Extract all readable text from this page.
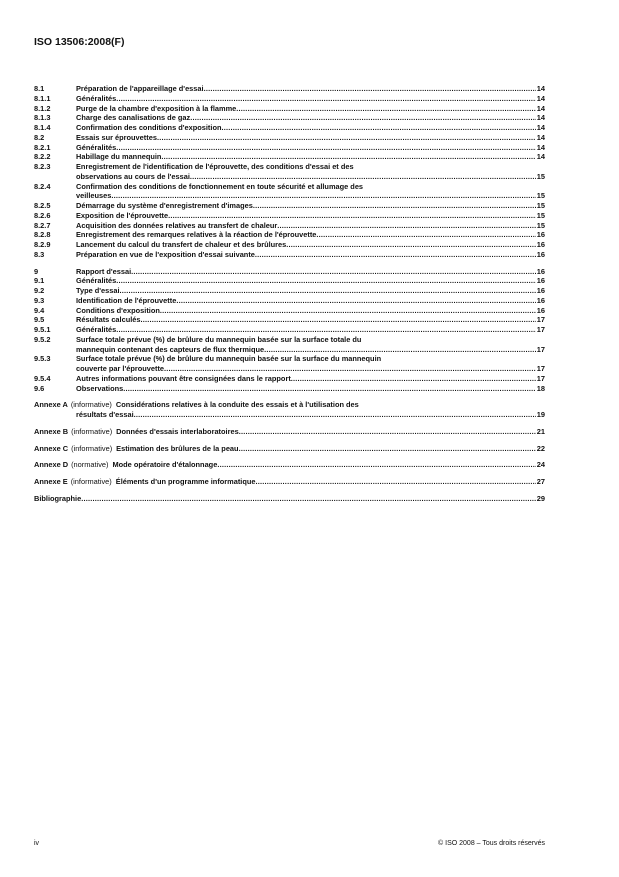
ISO 13506:2008(F)
8.1	Préparation de l'appareillage d'essai .....	14
8.1.1	Généralités .....	14
8.1.2	Purge de la chambre d'exposition à la flamme .....	14
8.1.3	Charge des canalisations de gaz .....	14
8.1.4	Confirmation des conditions d'exposition .....	14
8.2	Essais sur éprouvettes .....	14
8.2.1	Généralités .....	14
8.2.2	Habillage du mannequin .....	14
8.2.3	Enregistrement de l'identification de l'éprouvette, des conditions d'essai et des
observations au cours de l'essai .....	15
8.2.4	Confirmation des conditions de fonctionnement en toute sécurité et allumage des
veilleuses .....	15
8.2.5	Démarrage du système d'enregistrement d'images .....	15
8.2.6	Exposition de l'éprouvette .....	15
8.2.7	Acquisition des données relatives au transfert de chaleur .....	15
8.2.8	Enregistrement des remarques relatives à la réaction de l'éprouvette .....	16
8.2.9	Lancement du calcul du transfert de chaleur et des brûlures .....	16
8.3	Préparation en vue de l'exposition d'essai suivante .....	16
9	Rapport d'essai .....	16
9.1	Généralités .....	16
9.2	Type d'essai .....	16
9.3	Identification de l'éprouvette .....	16
9.4	Conditions d'exposition .....	16
9.5	Résultats calculés .....	17
9.5.1	Généralités .....	17
9.5.2	Surface totale prévue (%) de brûlure du mannequin basée sur la surface totale du
mannequin contenant des capteurs de flux thermique .....	17
9.5.3	Surface totale prévue (%) de brûlure du mannequin basée sur la surface du mannequin
couverte par l'éprouvette .....	17
9.5.4	Autres informations pouvant être consignées dans le rapport .....	17
9.6	Observations .....	18
Annexe A (informative) Considérations relatives à la conduite des essais et à l'utilisation des
résultats d'essai .....	19
Annexe B (informative) Données d'essais interlaboratoires .....	21
Annexe C (informative) Estimation des brûlures de la peau .....	22
Annexe D (normative) Mode opératoire d'étalonnage .....	24
Annexe E (informative) Éléments d'un programme informatique .....	27
Bibliographie .....	29
iv	© ISO 2008 – Tous droits réservés
